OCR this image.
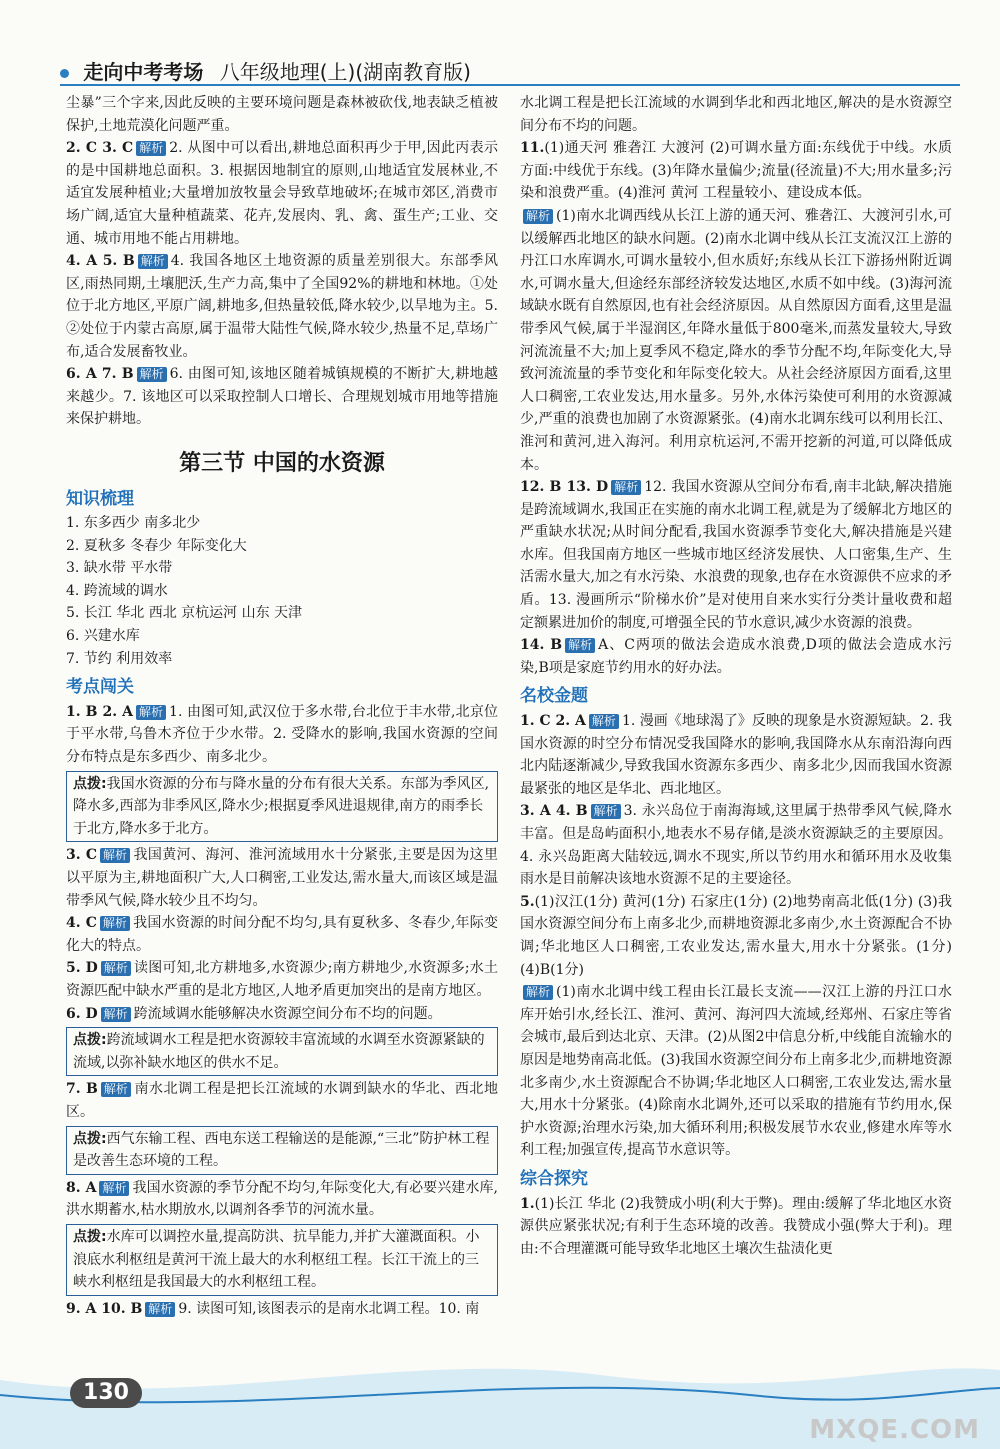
走向中考考场 八年级地理(上)(湖南教育版)

尘暴”三个字来,因此反映的主要环境问题是森林被砍伐,地表缺乏植被保护,土地荒漠化问题严重。

2. C 3. C 解析 2. 从图中可以看出,耕地总面积再少于甲,因此丙表示的是中国耕地总面积。3. 根据因地制宜的原则,山地适宜发展林业,不适宜发展种植业;大量增加放牧量会导致草地破坏;在城市郊区,消费市场广阔,适宜大量种植蔬菜、花卉,发展肉、乳、禽、蛋生产;工业、交通、城市用地不能占用耕地。

4. A 5. B 解析 4. 我国各地区土地资源的质量差别很大。东部季风区,雨热同期,土壤肥沃,生产力高,集中了全国92%的耕地和林地。①处位于北方地区,平原广阔,耕地多,但热量较低,降水较少,以旱地为主。5. ②处位于内蒙古高原,属于温带大陆性气候,降水较少,热量不足,草场广布,适合发展畜牧业。

6. A 7. B 解析 6. 由图可知,该地区随着城镇规模的不断扩大,耕地越来越少。7. 该地区可以采取控制人口增长、合理规划城市用地等措施来保护耕地。

第三节 中国的水资源
知识梳理
1. 东多西少 南多北少
2. 夏秋多 冬春少 年际变化大
3. 缺水带 平水带
4. 跨流域的调水
5. 长江 华北 西北 京杭运河 山东 天津
6. 兴建水库
7. 节约 利用效率
考点闯关

1. B 2. A 解析 1. 由图可知,武汉位于多水带,台北位于丰水带,北京位于平水带,乌鲁木齐位于少水带。2. 受降水的影响,我国水资源的空间分布特点是东多西少、南多北少。

点拨:我国水资源的分布与降水量的分布有很大关系。东部为季风区,降水多,西部为非季风区,降水少;根据夏季风进退规律,南方的雨季长于北方,降水多于北方。

3. C 解析 我国黄河、海河、淮河流域用水十分紧张,主要是因为这里以平原为主,耕地面积广大,人口稠密,工业发达,需水量大,而该区域是温带季风气候,降水较少且不均匀。

4. C 解析 我国水资源的时间分配不均匀,具有夏秋多、冬春少,年际变化大的特点。

5. D 解析 读图可知,北方耕地多,水资源少;南方耕地少,水资源多;水土资源匹配中缺水严重的是北方地区,人地矛盾更加突出的是南方地区。

6. D 解析 跨流域调水能够解决水资源空间分布不均的问题。

点拨:跨流域调水工程是把水资源较丰富流域的水调至水资源紧缺的流域,以弥补缺水地区的供水不足。

7. B 解析 南水北调工程是把长江流域的水调到缺水的华北、西北地区。

点拨:西气东输工程、西电东送工程输送的是能源,“三北”防护林工程是改善生态环境的工程。

8. A 解析 我国水资源的季节分配不均匀,年际变化大,有必要兴建水库,洪水期蓄水,枯水期放水,以调剂各季节的河流水量。

点拨:水库可以调控水量,提高防洪、抗旱能力,并扩大灌溉面积。小浪底水利枢纽是黄河干流上最大的水利枢纽工程。长江干流上的三峡水利枢纽是我国最大的水利枢纽工程。

9. A 10. B 解析 9. 读图可知,该图表示的是南水北调工程。10. 南

水北调工程是把长江流域的水调到华北和西北地区,解决的是水资源空间分布不均的问题。

11.(1)通天河 雅砻江 大渡河 (2)可调水量方面:东线优于中线。水质方面:中线优于东线。(3)年降水量偏少;流量(径流量)不大;用水量多;污染和浪费严重。(4)淮河 黄河 工程量较小、建设成本低。

解析 (1)南水北调西线从长江上游的通天河、雅砻江、大渡河引水,可以缓解西北地区的缺水问题。(2)南水北调中线从长江支流汉江上游的丹江口水库调水,可调水量较小,但水质好;东线从长江下游扬州附近调水,可调水量大,但途经东部经济较发达地区,水质不如中线。(3)海河流域缺水既有自然原因,也有社会经济原因。从自然原因方面看,这里是温带季风气候,属于半湿润区,年降水量低于800毫米,而蒸发量较大,导致河流流量不大;加上夏季风不稳定,降水的季节分配不均,年际变化大,导致河流流量的季节变化和年际变化较大。从社会经济原因方面看,这里人口稠密,工农业发达,用水量多。另外,水体污染使可利用的水资源减少,严重的浪费也加剧了水资源紧张。(4)南水北调东线可以利用长江、淮河和黄河,进入海河。利用京杭运河,不需开挖新的河道,可以降低成本。

12. B 13. D 解析 12. 我国水资源从空间分布看,南丰北缺,解决措施是跨流域调水,我国正在实施的南水北调工程,就是为了缓解北方地区的严重缺水状况;从时间分配看,我国水资源季节变化大,解决措施是兴建水库。但我国南方地区一些城市地区经济发展快、人口密集,生产、生活需水量大,加之有水污染、水浪费的现象,也存在水资源供不应求的矛盾。13. 漫画所示“阶梯水价”是对使用自来水实行分类计量收费和超定额累进加价的制度,可增强全民的节水意识,减少水资源的浪费。

14. B 解析 A、C两项的做法会造成水浪费,D项的做法会造成水污染,B项是家庭节约用水的好办法。

名校金题

1. C 2. A 解析 1. 漫画《地球渴了》反映的现象是水资源短缺。2. 我国水资源的时空分布情况受我国降水的影响,我国降水从东南沿海向西北内陆逐渐减少,导致我国水资源东多西少、南多北少,因而我国水资源最紧张的地区是华北、西北地区。

3. A 4. B 解析 3. 永兴岛位于南海海域,这里属于热带季风气候,降水丰富。但是岛屿面积小,地表水不易存储,是淡水资源缺乏的主要原因。4. 永兴岛距离大陆较远,调水不现实,所以节约用水和循环用水及收集雨水是目前解决该地水资源不足的主要途径。

5.(1)汉江(1分) 黄河(1分) 石家庄(1分) (2)地势南高北低(1分) (3)我国水资源空间分布上南多北少,而耕地资源北多南少,水土资源配合不协调;华北地区人口稠密,工农业发达,需水量大,用水十分紧张。(1分)(4)B(1分)

解析 (1)南水北调中线工程由长江最长支流——汉江上游的丹江口水库开始引水,经长江、淮河、黄河、海河四大流域,经郑州、石家庄等省会城市,最后到达北京、天津。(2)从图2中信息分析,中线能自流输水的原因是地势南高北低。(3)我国水资源空间分布上南多北少,而耕地资源北多南少,水土资源配合不协调;华北地区人口稠密,工农业发达,需水量大,用水十分紧张。(4)除南水北调外,还可以采取的措施有节约用水,保护水资源;治理水污染,加大循环利用;积极发展节水农业,修建水库等水利工程;加强宣传,提高节水意识等。

综合探究

1.(1)长江 华北 (2)我赞成小明(利大于弊)。理由:缓解了华北地区水资源供应紧张状况;有利于生态环境的改善。我赞成小强(弊大于利)。理由:不合理灌溉可能导致华北地区土壤次生盐渍化更

130
MXQE.COM
